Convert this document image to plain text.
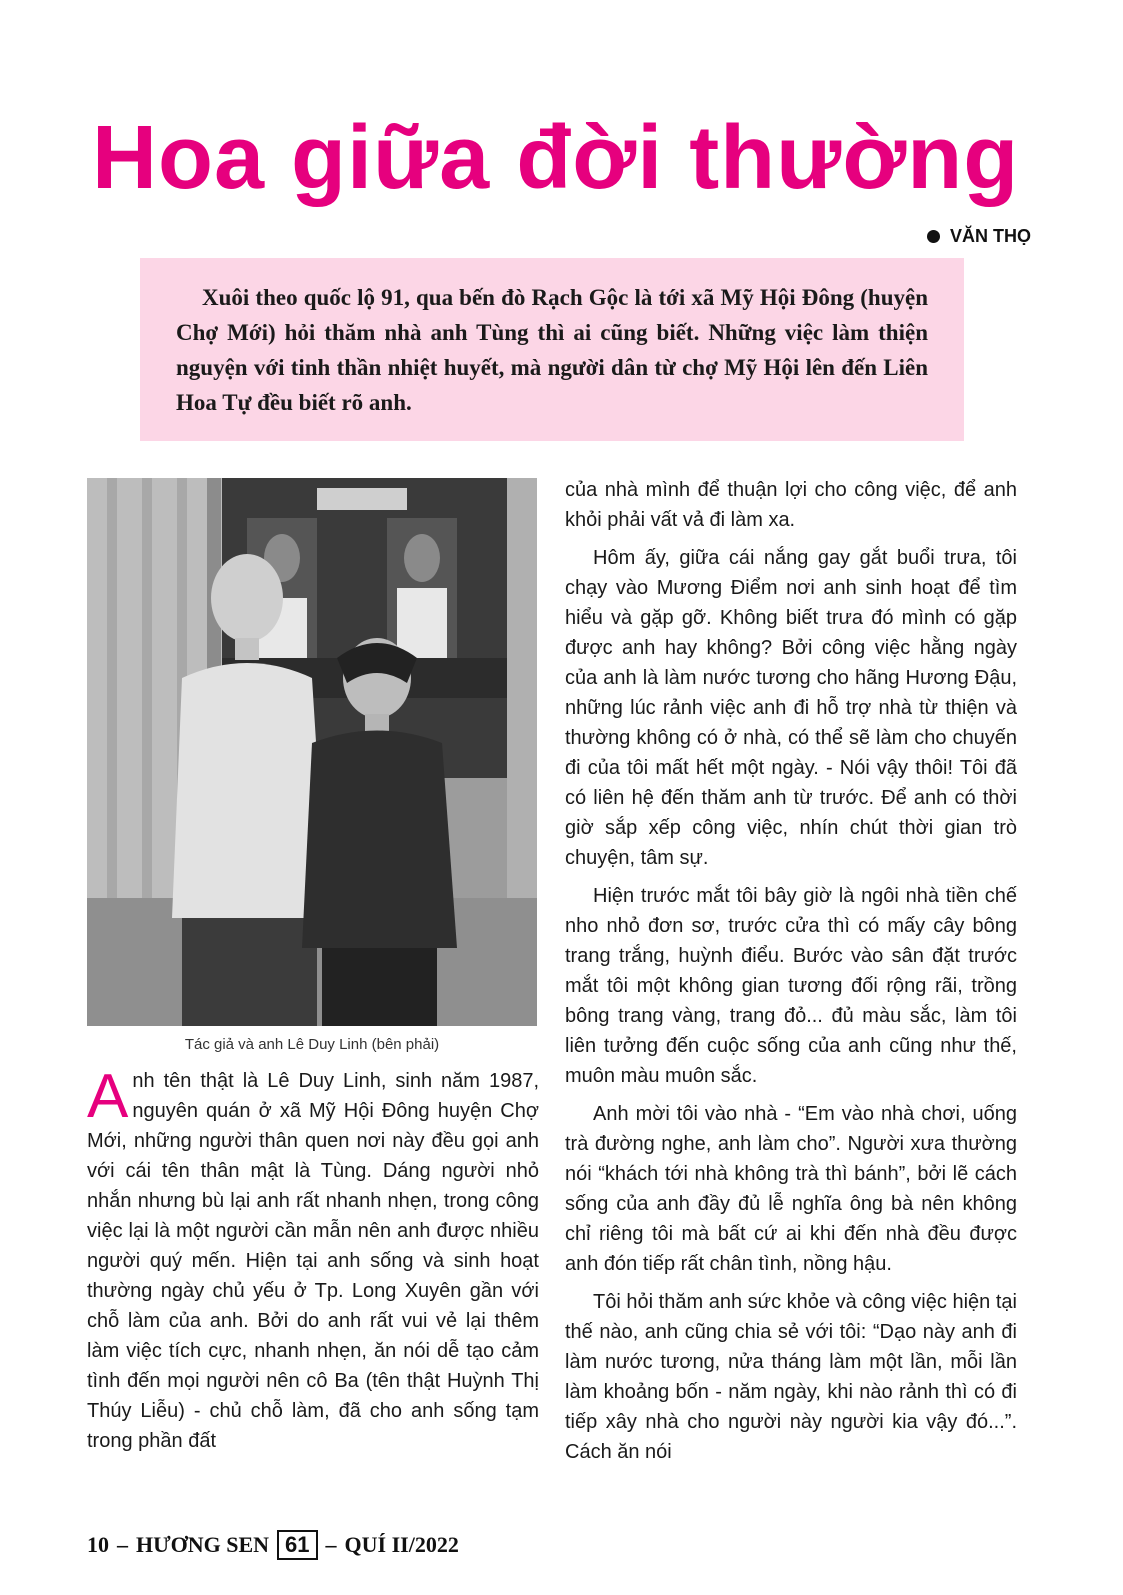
Hoa giữa đời thường
VĂN THỌ

Xuôi theo quốc lộ 91, qua bến đò Rạch Gộc là tới xã Mỹ Hội Đông (huyện Chợ Mới) hỏi thăm nhà anh Tùng thì ai cũng biết. Những việc làm thiện nguyện với tinh thần nhiệt huyết, mà người dân từ chợ Mỹ Hội lên đến Liên Hoa Tự đều biết rõ anh.

Tác giả và anh Lê Duy Linh (bên phải)

Anh tên thật là Lê Duy Linh, sinh năm 1987, nguyên quán ở xã Mỹ Hội Đông huyện Chợ Mới, những người thân quen nơi này đều gọi anh với cái tên thân mật là Tùng. Dáng người nhỏ nhắn nhưng bù lại anh rất nhanh nhẹn, trong công việc lại là một người cần mẫn nên anh được nhiều người quý mến. Hiện tại anh sống và sinh hoạt thường ngày chủ yếu ở Tp. Long Xuyên gần với chỗ làm của anh. Bởi do anh rất vui vẻ lại thêm làm việc tích cực, nhanh nhẹn, ăn nói dễ tạo cảm tình đến mọi người nên cô Ba (tên thật Huỳnh Thị Thúy Liễu) - chủ chỗ làm, đã cho anh sống tạm trong phần đất

của nhà mình để thuận lợi cho công việc, để anh khỏi phải vất vả đi làm xa.

Hôm ấy, giữa cái nắng gay gắt buổi trưa, tôi chạy vào Mương Điểm nơi anh sinh hoạt để tìm hiểu và gặp gỡ. Không biết trưa đó mình có gặp được anh hay không? Bởi công việc hằng ngày của anh là làm nước tương cho hãng Hương Đậu, những lúc rảnh việc anh đi hỗ trợ nhà từ thiện và thường không có ở nhà, có thể sẽ làm cho chuyến đi của tôi mất hết một ngày. - Nói vậy thôi! Tôi đã có liên hệ đến thăm anh từ trước. Để anh có thời giờ sắp xếp công việc, nhín chút thời gian trò chuyện, tâm sự.

Hiện trước mắt tôi bây giờ là ngôi nhà tiền chế nho nhỏ đơn sơ, trước cửa thì có mấy cây bông trang trắng, huỳnh điểu. Bước vào sân đặt trước mắt tôi một không gian tương đối rộng rãi, trồng bông trang vàng, trang đỏ... đủ màu sắc, làm tôi liên tưởng đến cuộc sống của anh cũng như thế, muôn màu muôn sắc.

Anh mời tôi vào nhà - “Em vào nhà chơi, uống trà đường nghe, anh làm cho”. Người xưa thường nói “khách tới nhà không trà thì bánh”, bởi lẽ cách sống của anh đầy đủ lễ nghĩa ông bà nên không chỉ riêng tôi mà bất cứ ai khi đến nhà đều được anh đón tiếp rất chân tình, nồng hậu.

Tôi hỏi thăm anh sức khỏe và công việc hiện tại thế nào, anh cũng chia sẻ với tôi: “Dạo này anh đi làm nước tương, nửa tháng làm một lần, mỗi lần làm khoảng bốn - năm ngày, khi nào rảnh thì có đi tiếp xây nhà cho người này người kia vậy đó...”. Cách ăn nói

10 – HƯƠNG SEN 61 – QUÍ II/2022
